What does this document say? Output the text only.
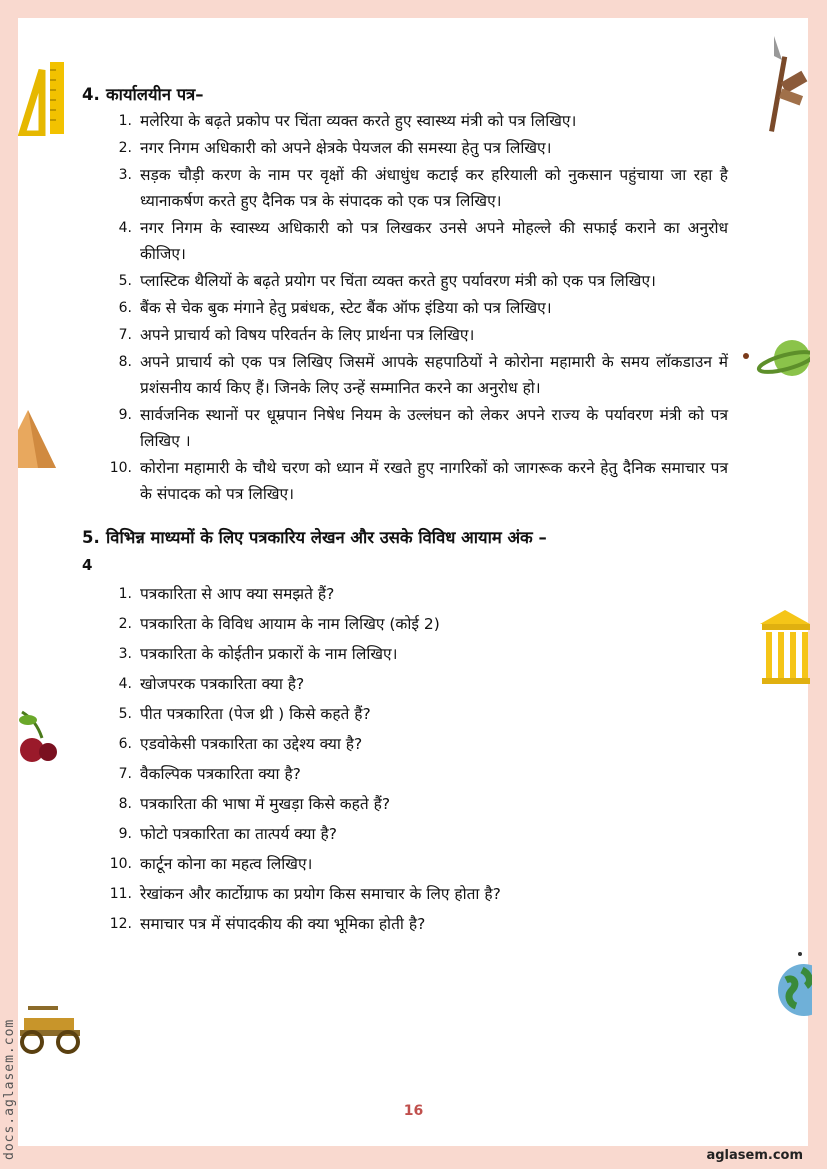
docs.aglasem.com
4. कार्यालयीन पत्र–
1. मलेरिया के बढ़ते प्रकोप पर चिंता व्यक्त करते हुए स्वास्थ्य मंत्री को पत्र लिखिए।
2. नगर निगम अधिकारी को अपने क्षेत्रके पेयजल की समस्या हेतु पत्र लिखिए।
3. सड़क चौड़ी करण के नाम पर वृक्षों की अंधाधुंध कटाई कर हरियाली को नुकसान पहुंचाया जा रहा है ध्यानाकर्षण करते हुए दैनिक पत्र के संपादक को एक पत्र लिखिए।
4. नगर निगम के स्वास्थ्य अधिकारी को पत्र लिखकर उनसे अपने मोहल्ले की सफाई कराने का अनुरोध कीजिए।
5. प्लास्टिक थैलियों के बढ़ते प्रयोग पर चिंता व्यक्त करते हुए पर्यावरण मंत्री को एक पत्र लिखिए।
6. बैंक से चेक बुक मंगाने हेतु प्रबंधक, स्टेट बैंक ऑफ इंडिया को पत्र लिखिए।
7. अपने प्राचार्य को विषय परिवर्तन के लिए प्रार्थना पत्र लिखिए।
8. अपने प्राचार्य को एक पत्र लिखिए जिसमें आपके सहपाठियों ने कोरोना महामारी के समय लॉकडाउन में प्रशंसनीय कार्य किए हैं। जिनके लिए उन्हें सम्मानित करने का अनुरोध हो।
9. सार्वजनिक स्थानों पर धूम्रपान निषेध नियम के उल्लंघन को लेकर अपने राज्य के पर्यावरण मंत्री को पत्र लिखिए ।
10. कोरोना महामारी के चौथे चरण को ध्यान में रखते हुए नागरिकों को जागरूक करने हेतु दैनिक समाचार पत्र के संपादक को पत्र लिखिए।
5. विभिन्न माध्यमों के लिए पत्रकारिय लेखन और उसके विविध आयाम अंक –
4
1. पत्रकारिता से आप क्या समझते हैं?
2. पत्रकारिता के विविध आयाम के नाम लिखिए (कोई 2)
3. पत्रकारिता के कोईतीन प्रकारों के नाम लिखिए।
4. खोजपरक पत्रकारिता क्या है?
5. पीत पत्रकारिता (पेज थ्री ) किसे कहते हैं?
6. एडवोकेसी पत्रकारिता का उद्देश्य क्या है?
7. वैकल्पिक पत्रकारिता क्या है?
8. पत्रकारिता की भाषा में मुखड़ा किसे कहते हैं?
9. फोटो पत्रकारिता का तात्पर्य क्या है?
10. कार्टून कोना का महत्व लिखिए।
11. रेखांकन और कार्टोग्राफ का प्रयोग किस समाचार के लिए होता है?
12. समाचार पत्र में संपादकीय की क्या भूमिका होती है?
16
aglasem.com
